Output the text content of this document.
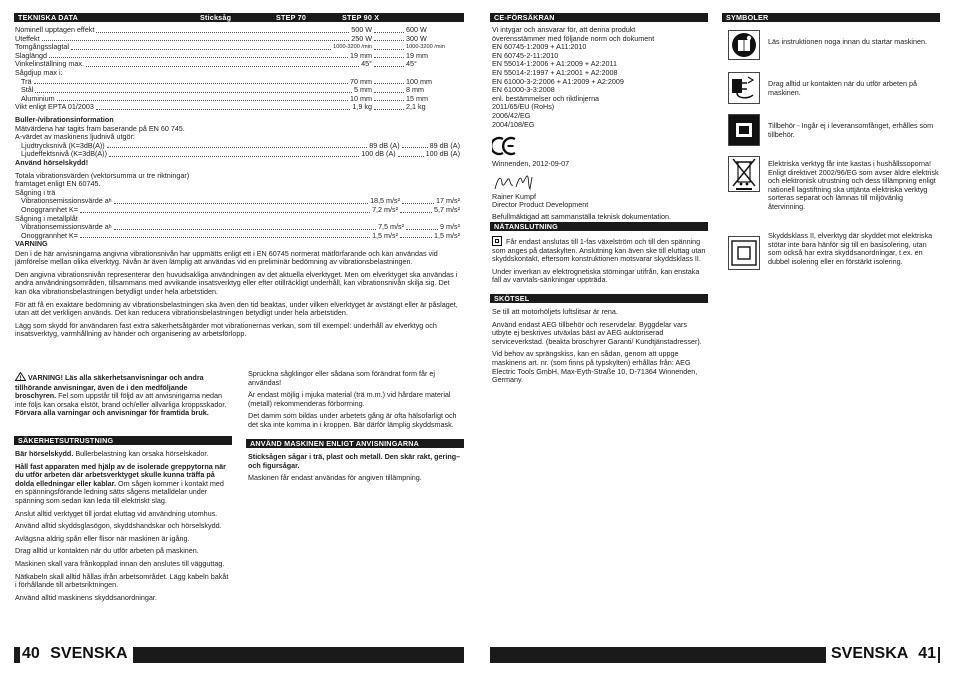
TEKNISKA DATA	Sticksåg	STEP 70	STEP 90 X
Nominell upptagen effekt	500 W	600 W
Uteffekt	250 W	300 W
Tomgångsslagtal	1000-3200 /min	1000-3200 /min
Slaglängd	19 mm	19 mm
Vinkelinställning max.	45°	45°
Sågdjup max i:
Trä	70 mm	100 mm
Stål	5 mm	8 mm
Aluminium	10 mm	15 mm
Vikt enligt EPTA 01/2003	1,9 kg	2,1 kg
Buller-/vibrationsinformation
Mätvärdena har tagits fram baserande på EN 60 745.
A-värdet av maskinens ljudnivå utgör:
Ljudtrycksnivå (K=3dB(A))	89 dB (A)	89 dB (A)
Ljudeffektsnivå (K=3dB(A))	100 dB (A)	100 dB (A)
Använd hörselskydd!
Totala vibrationsvärden (vektorsumma ur tre riktningar)
framtaget enligt EN 60745.
Sågning i trä
Vibrationsemissionsvärde a h	18,5 m/s²	17 m/s²
Onoggrannhet K=	7,2 m/s²	5,7 m/s²
Sågning i metallplåt
Vibrationsemissionsvärde a h	7,5 m/s²	9 m/s²
Onoggrannhet K=	1,5 m/s²	1,5 m/s²
VARNING
Den i de här anvisningarna angivna vibrationsnivån har uppmätts enligt ett i EN 60745 normerat mätförfarande och kan användas vid jämförelse mellan olika elverktyg. Nivån är även lämplig att användas vid en preliminär bedömning av vibrationsbelastningen.
Den angivna vibrationsnivån representerar den huvudsakliga användningen av det aktuella elverktyget. Men om elverktyget ska användas i andra användningsområden, tillsammans med avvikande insatsverktyg eller efter otillräckligt underhåll, kan vibrationsnivån skilja sig. Det kan öka vibrationsbelastningen betydligt under hela arbetstiden.
För att få en exaktare bedömning av vibrationsbelastningen ska även den tid beaktas, under vilken elverktyget är avstängt eller är påslaget, utan att det verkligen används. Det kan reducera vibrationsbelastningen betydligt under hela arbetstiden.
Lägg som skydd för användaren fast extra säkerhetsåtgärder mot vibrationernas verkan, som till exempel: underhåll av elverktyg och insatsverktyg, varmhållning av händer och organisering av arbetsförlopp.
! VARNING! Läs alla säkerhetsanvisningar och andra tillhörande anvisningar, även de i den medföljande broschyren. Fel som uppstår till följd av att anvisningarna nedan inte följs kan orsaka elstöt, brand och/eller allvarliga kroppsskador.
Förvara alla varningar och anvisningar för framtida bruk.
SÄKERHETSUTRUSTNING
Bär hörselskydd. Bullerbelastning kan orsaka hörselskador.
Håll fast apparaten med hjälp av de isolerade greppytorna när du utför arbeten där arbetsverktyget skulle kunna träffa på dolda elledningar eller kablar. Om sågen kommer i kontakt med en spänningsförande ledning sätts sågens metalldelar under spänning som sedan kan leda till elektriskt slag.
Anslut alltid verktyget till jordat eluttag vid användning utomhus.
Använd alltid skyddsglasögon, skyddshandskar och hörselskydd.
Avlägsna aldrig spån eller flisor när maskinen är igång.
Drag alltid ur kontakten när du utför arbeten på maskinen.
Maskinen skall vara frånkopplad innan den anslutes till vägguttag.
Nätkabeln skall alltid hållas ifrån arbetsområdet. Lägg kabeln bakåt i förhållande till arbetsriktningen.
Använd alltid maskinens skyddsanordningar.
Spruckna sågklingor eller sådana som förändrat form får ej användas!
Är endast möjlig i mjuka material (trä m.m.) vid hårdare material (metall) rekommenderas förborrning.
Det damm som bildas under arbetets gång är ofta hälsofarligt och det ska inte komma in i kroppen. Bär därför lämplig skyddsmask.
ANVÄND MASKINEN ENLIGT ANVISNINGARNA
Sticksågen sågar i trä, plast och metall. Den skär rakt, gering– och figursågar.
Maskinen får endast användas för angiven tillämpning.
40 SVENSKA
CE-FÖRSÄKRAN
Vi intygar och ansvarar för, att denna produkt
överensstämmer med följande norm och dokument
EN 60745-1:2009 + A11:2010
EN 60745-2-11:2010
EN 55014-1:2006 + A1:2009 + A2:2011
EN 55014-2:1997 + A1:2001 + A2:2008
EN 61000-3-2:2006 + A1:2009 + A2:2009
EN 61000-3-3:2008
enl. bestämmelser och riktlinjerna
2011/65/EU (RoHs)
2006/42/EG
2004/108/EG
Winnenden, 2012-09-07
Rainer Kumpf
Director Product Development
Befullmäktigad att sammanställa teknisk dokumentation.
NÄTANSLUTNING
Får endast anslutas till 1-fas växelström och till den spänning som anges på dataskylten. Anslutning kan även ske till eluttag utan skyddskontakt, eftersom konstruktionen motsvarar skyddsklass II.
Under inverkan av elektrognetiska störningar utifrån, kan enstaka fall av varvtals-sänkningar uppträda.
SKÖTSEL
Se till att motorhöljets luftslitsar är rena.
Använd endast AEG tillbehör och reservdelar. Byggdelar vars utbyte ej beskrives utväxlas bäst av AEG auktoriserad serviceverkstad. (beakta broschyrer Garanti/ Kundtjänstadresser).
Vid behov av sprängskiss, kan en sådan, genom att uppge maskinens art. nr. (som finns på typskylten) erhållas från: AEG Electric Tools GmbH, Max-Eyth-Straße 10, D-71364 Winnenden, Germany.
SYMBOLER
Läs instruktionen noga innan du startar maskinen.
Drag alltid ur kontakten när du utför arbeten på maskinen.
Tillbehör - Ingår ej i leveransomfånget, erhålles som tillbehör.
Elektriska verktyg får inte kastas i hushållssoporna! Enligt direktivet 2002/96/EG som avser äldre elektrisk och elektronisk utrustning och dess tillämpning enligt nationell lagstiftning ska uttjänta elektriska verktyg sorteras separat och lämnas till miljövänlig återvinning.
Skyddsklass II, elverktyg där skyddet mot elektriska stötar inte bara hänför sig till en basisolering, utan som också har extra skyddsanordningar, t.ex. en dubbel isolering eller en förstärkt isolering.
SVENSKA 41
